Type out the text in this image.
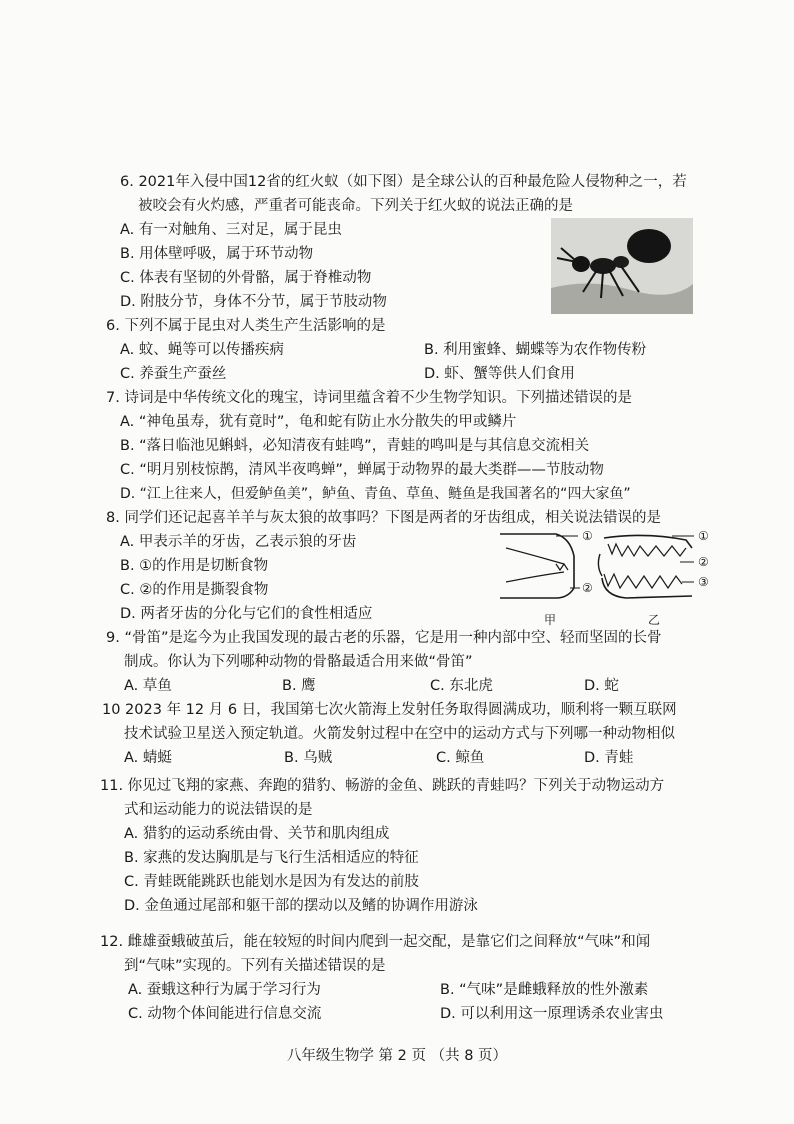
6. 2021年入侵中国12省的红火蚁（如下图）是全球公认的百种最危险人侵物种之一，若
被咬会有火灼感，严重者可能丧命。下列关于红火蚁的说法正确的是
A. 有一对触角、三对足，属于昆虫
B. 用体壁呼吸，属于环节动物
C. 体表有坚韧的外骨骼，属于脊椎动物
D. 附肢分节，身体不分节，属于节肢动物
6. 下列不属于昆虫对人类生产生活影响的是
A. 蚊、蝇等可以传播疾病	B. 利用蜜蜂、蝴蝶等为农作物传粉
C. 养蚕生产蚕丝	D. 虾、蟹等供人们食用
7. 诗词是中华传统文化的瑰宝，诗词里蕴含着不少生物学知识。下列描述错误的是
A. “神龟虽寿，犹有竟时”，龟和蛇有防止水分散失的甲或鳞片
B. “落日临池见蝌蚪，必知清夜有蛙鸣”，青蛙的鸣叫是与其信息交流相关
C. “明月别枝惊鹊，清风半夜鸣蝉”，蝉属于动物界的最大类群——节肢动物
D. “江上往来人，但爱鲈鱼美”，鲈鱼、青鱼、草鱼、鲢鱼是我国著名的“四大家鱼”
8. 同学们还记起喜羊羊与灰太狼的故事吗？下图是两者的牙齿组成，相关说法错误的是
A. 甲表示羊的牙齿，乙表示狼的牙齿
B. ①的作用是切断食物
C. ②的作用是撕裂食物
D. 两者牙齿的分化与它们的食性相适应
①
②
甲
①
②
③
乙
9. “骨笛”是迄今为止我国发现的最古老的乐器，它是用一种内部中空、轻而坚固的长骨
制成。你认为下列哪种动物的骨骼最适合用来做“骨笛”
A. 草鱼	B. 鹰	C. 东北虎	D. 蛇
10 2023 年 12 月 6 日，我国第七次火箭海上发射任务取得圆满成功，顺利将一颗互联网
技术试验卫星送入预定轨道。火箭发射过程中在空中的运动方式与下列哪一种动物相似
A. 蜻蜓	B. 乌贼	C. 鲸鱼	D. 青蛙
11. 你见过飞翔的家燕、奔跑的猎豹、畅游的金鱼、跳跃的青蛙吗？下列关于动物运动方
式和运动能力的说法错误的是
A. 猎豹的运动系统由骨、关节和肌肉组成
B. 家燕的发达胸肌是与飞行生活相适应的特征
C. 青蛙既能跳跃也能划水是因为有发达的前肢
D. 金鱼通过尾部和躯干部的摆动以及鳍的协调作用游泳
12. 雌雄蚕蛾破茧后，能在较短的时间内爬到一起交配，是靠它们之间释放“气味”和闻
到“气味”实现的。下列有关描述错误的是
A. 蚕蛾这种行为属于学习行为	B. “气味”是雌蛾释放的性外激素
C. 动物个体间能进行信息交流	D. 可以利用这一原理诱杀农业害虫
八年级生物学 第 2 页 （共 8 页）
